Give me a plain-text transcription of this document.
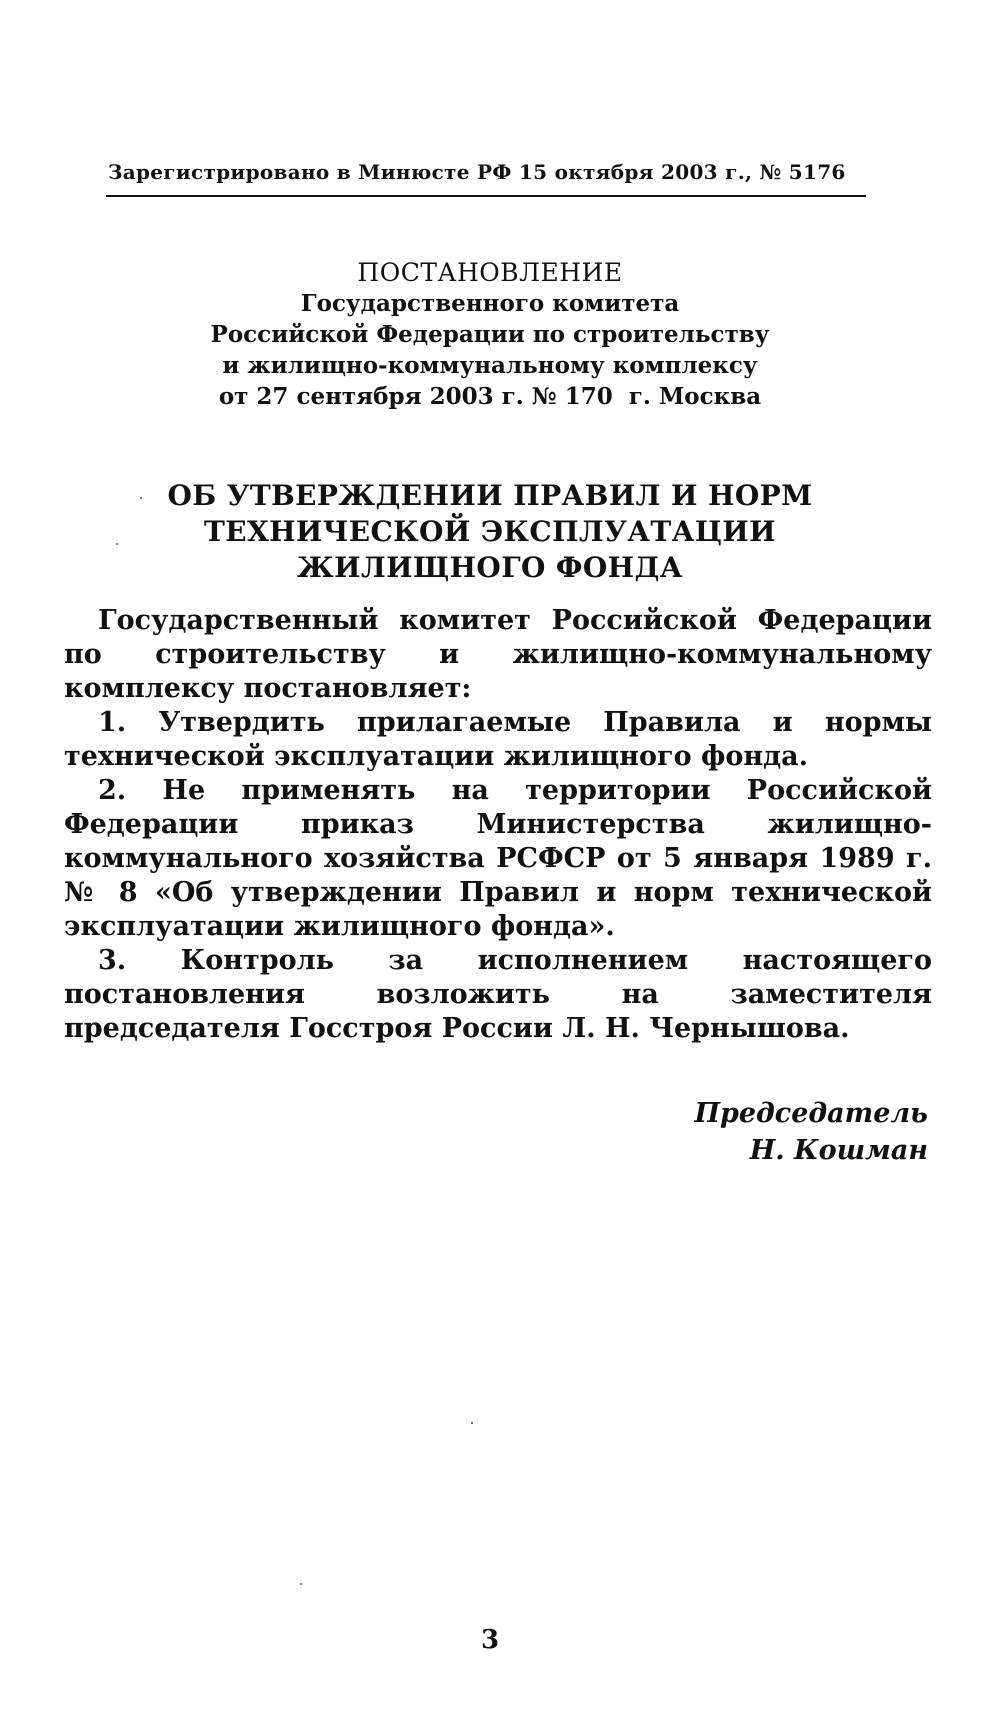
Зарегистрировано в Минюсте РФ 15 октября 2003 г., № 5176
ПОСТАНОВЛЕНИЕ
Государственного комитета
Российской Федерации по строительству
и жилищно-коммунальному комплексу
от 27 сентября 2003 г. № 170  г. Москва
ОБ УТВЕРЖДЕНИИ ПРАВИЛ И НОРМ
ТЕХНИЧЕСКОЙ ЭКСПЛУАТАЦИИ
ЖИЛИЩНОГО ФОНДА

Государственный комитет Российской Федерации по строительству и жилищно-коммунальному комплексу постановляет:

1. Утвердить прилагаемые Правила и нормы технической эксплуатации жилищного фонда.

2. Не применять на территории Российской Федерации приказ Министерства жилищно-коммунального хозяйства РСФСР от 5 января 1989 г. № 8 «Об утверждении Правил и норм технической эксплуатации жилищного фонда».

3. Контроль за исполнением настоящего постановления возложить на заместителя председателя Госстроя России Л. Н. Чернышова.

Председатель
Н. Кошман
3
